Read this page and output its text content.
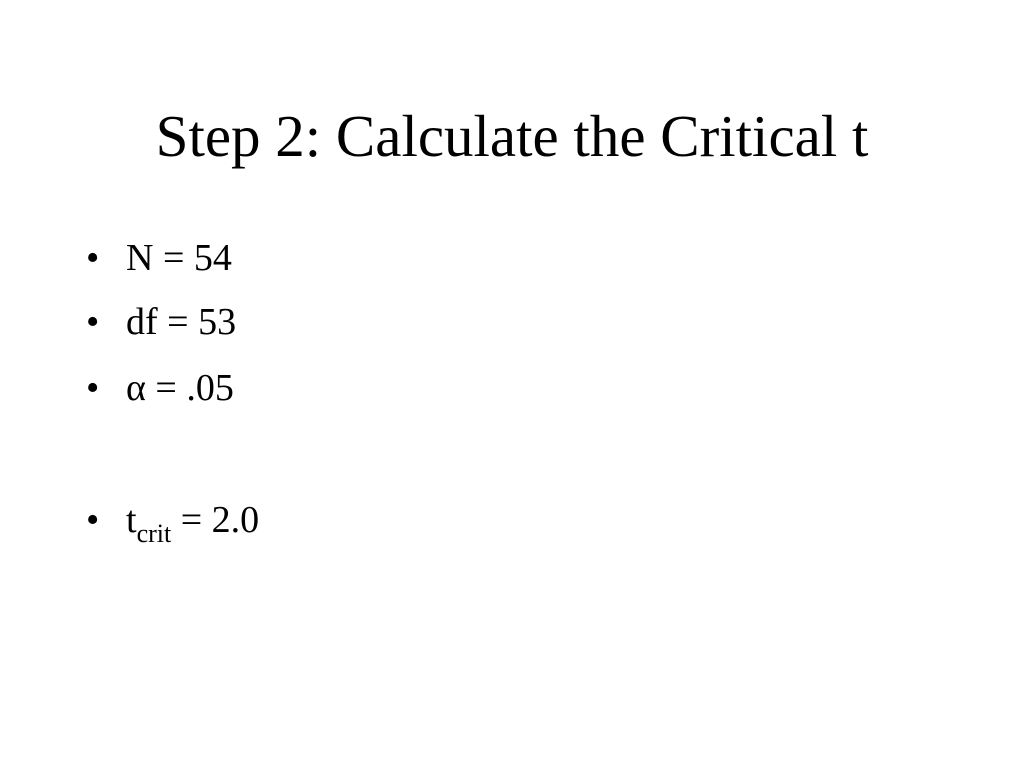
Step 2: Calculate the Critical t
• N = 54
• df = 53
• α = .05
• $t_{crit} = 2.0$
